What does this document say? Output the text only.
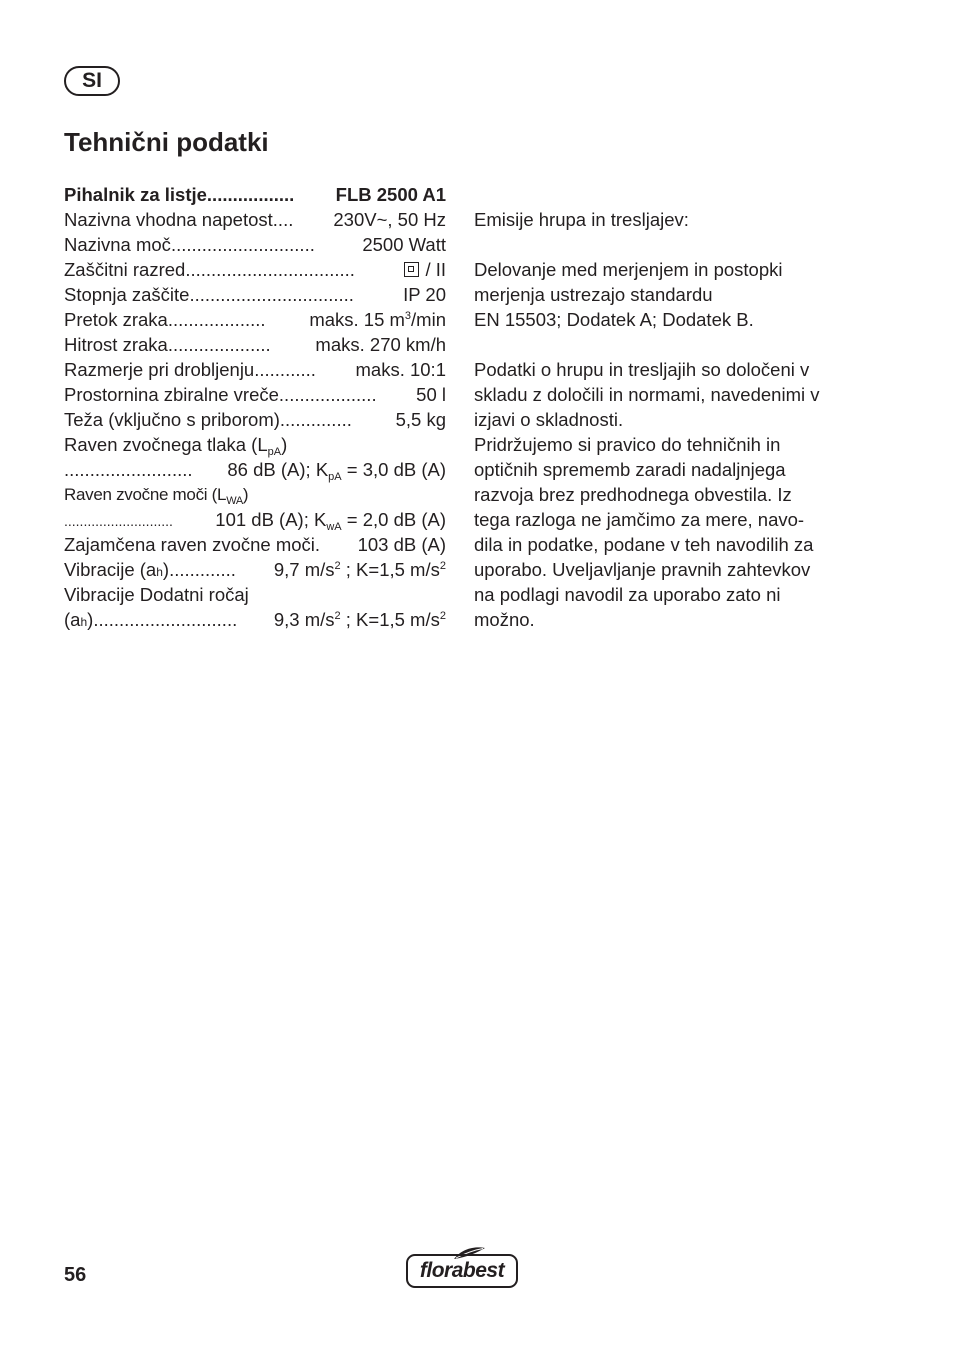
SI
Tehnični podatki
Pihalnik za listje .................	FLB 2500 A1
Nazivna vhodna napetost ....	230V~, 50 Hz
Nazivna moč ............................	2500 Watt
Zaščitni razred .................................	/ II
Stopnja zaščite ................................	IP 20
Pretok zraka ...................	maks. 15 $m^3/\min$
Hitrost zraka ....................	maks. 270 km/h
Razmerje pri drobljenju ............	maks. 10:1
Prostornina zbiralne vreče ...................	50 l
Teža (vključno s priborom) ..............	5,5 kg
Raven zvočnega tlaka $(L_{pA})$
.........................	86 dB (A); $K_{pA} = 3,0$ dB (A)
Raven zvočne moči $(L_{WA})$
............................	101 dB (A); $K_{wA} = 2,0$ dB (A)
Zajamčena raven zvočne moči .	103 dB (A)
Vibracije (ah) .............	9,7 $m/s^2$ ; K=1,5 $m/s^2$
Vibracije Dodatni ročaj
(ah) ............................	9,3 $m/s^2$ ; K=1,5 $m/s^2$
Emisije hrupa in tresljajev:
Delovanje med merjenjem in postopki
merjenja ustrezajo standardu
EN 15503; Dodatek A; Dodatek B.
Podatki o hrupu in tresljajih so določeni v
skladu z določili in normami, navedenimi v
izjavi o skladnosti.
Pridržujemo si pravico do tehničnih in
optičnih sprememb zaradi nadaljnjega
razvoja brez predhodnega obvestila. Iz
tega razloga ne jamčimo za mere, navo-
dila in podatke, podane v teh navodilih za
uporabo. Uveljavljanje pravnih zahtevkov
na podlagi navodil za uporabo zato ni
možno.
56	florabest
